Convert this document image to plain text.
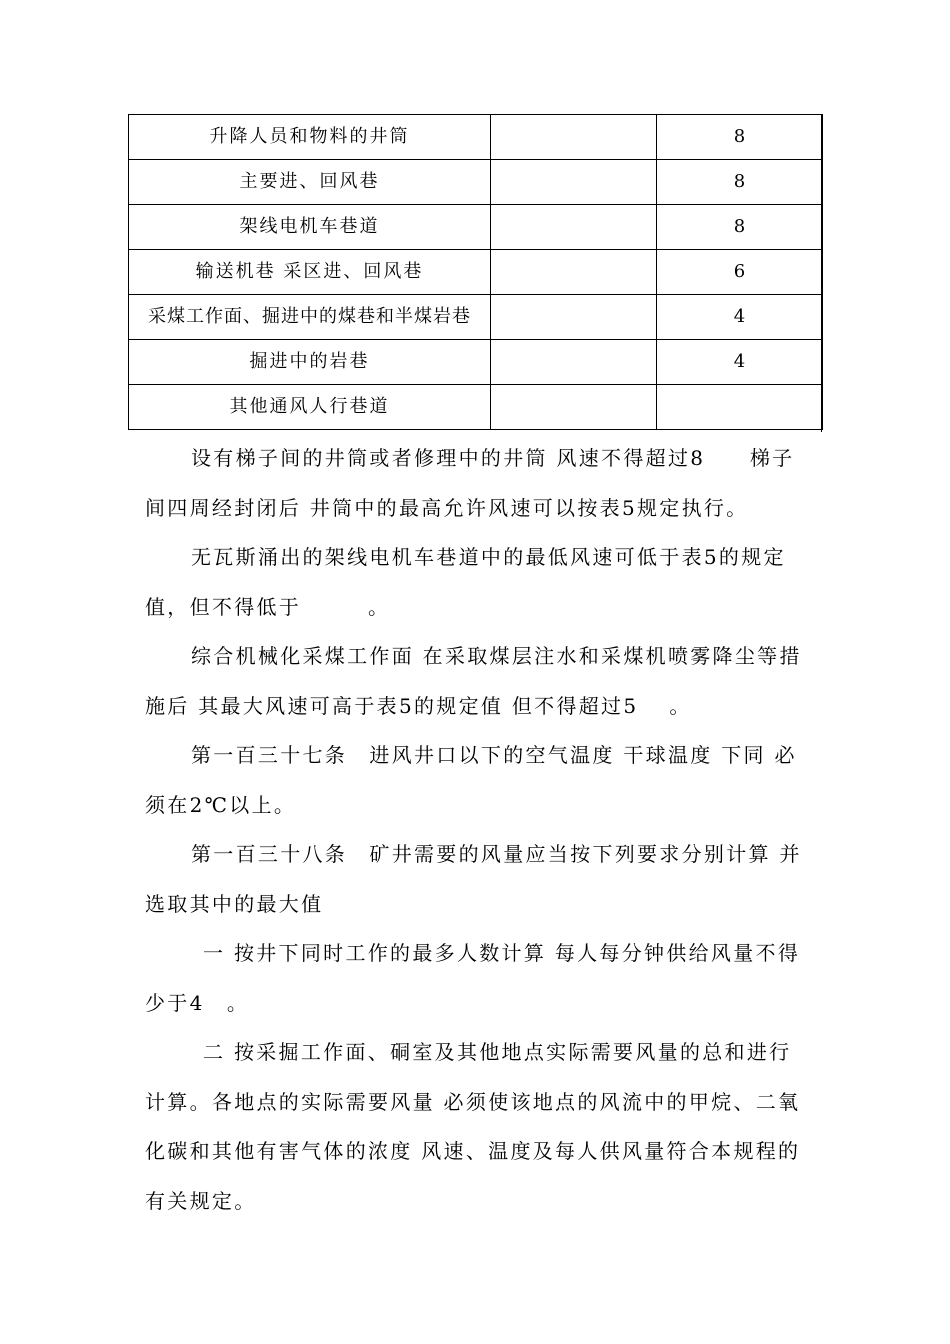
升降人员和物料的井筒		8
主要进、回风巷		8
架线电机车巷道		8
输送机巷 采区进、回风巷		6
采煤工作面、掘进中的煤巷和半煤岩巷		4
掘进中的岩巷		4
其他通风人行巷道		

设有梯子间的井筒或者修理中的井筒 风速不得超过8　　梯子间四周经封闭后 井筒中的最高允许风速可以按表5规定执行。

无瓦斯涌出的架线电机车巷道中的最低风速可低于表5的规定值，但不得低于　　　。

综合机械化采煤工作面 在采取煤层注水和采煤机喷雾降尘等措施后 其最大风速可高于表5的规定值 但不得超过5　 。

第一百三十七条　进风井口以下的空气温度 干球温度 下同 必须在2℃以上。

第一百三十八条　矿井需要的风量应当按下列要求分别计算 并选取其中的最大值

一 按井下同时工作的最多人数计算 每人每分钟供给风量不得少于4　。

二 按采掘工作面、硐室及其他地点实际需要风量的总和进行计算。各地点的实际需要风量 必须使该地点的风流中的甲烷、二氧化碳和其他有害气体的浓度 风速、温度及每人供风量符合本规程的有关规定。
